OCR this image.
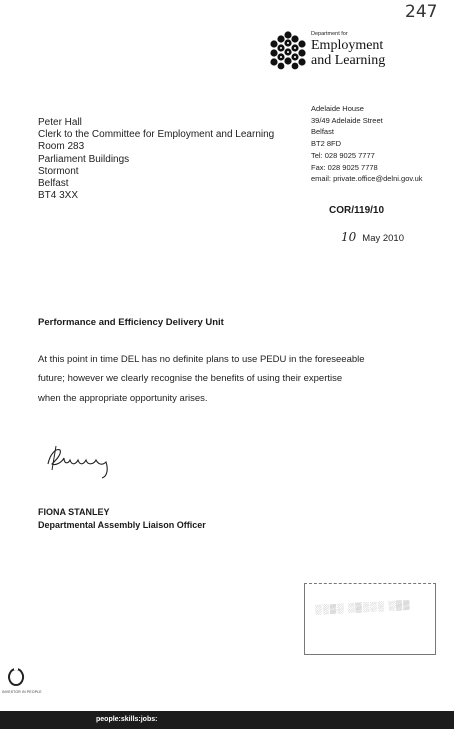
247
Department for
Employment
and Learning
Adelaide House
39/49 Adelaide Street
Belfast
BT2 8FD
Tel: 028 9025 7777
Fax: 028 9025 7778
email: private.office@delni.gov.uk
Peter Hall
Clerk to the Committee for Employment and Learning
Room 283
Parliament Buildings
Stormont
Belfast
BT4 3XX
COR/119/10
10 May 2010
Performance and Efficiency Delivery Unit
At this point in time DEL has no definite plans to use PEDU in the foreseeable
future; however we clearly recognise the benefits of using their expertise
when the appropriate opportunity arises.
FIONA STANLEY
Departmental Assembly Liaison Officer
░░▒░ ░▒░░░ ░▒▒
INVESTOR IN PEOPLE
people:skills:jobs:
